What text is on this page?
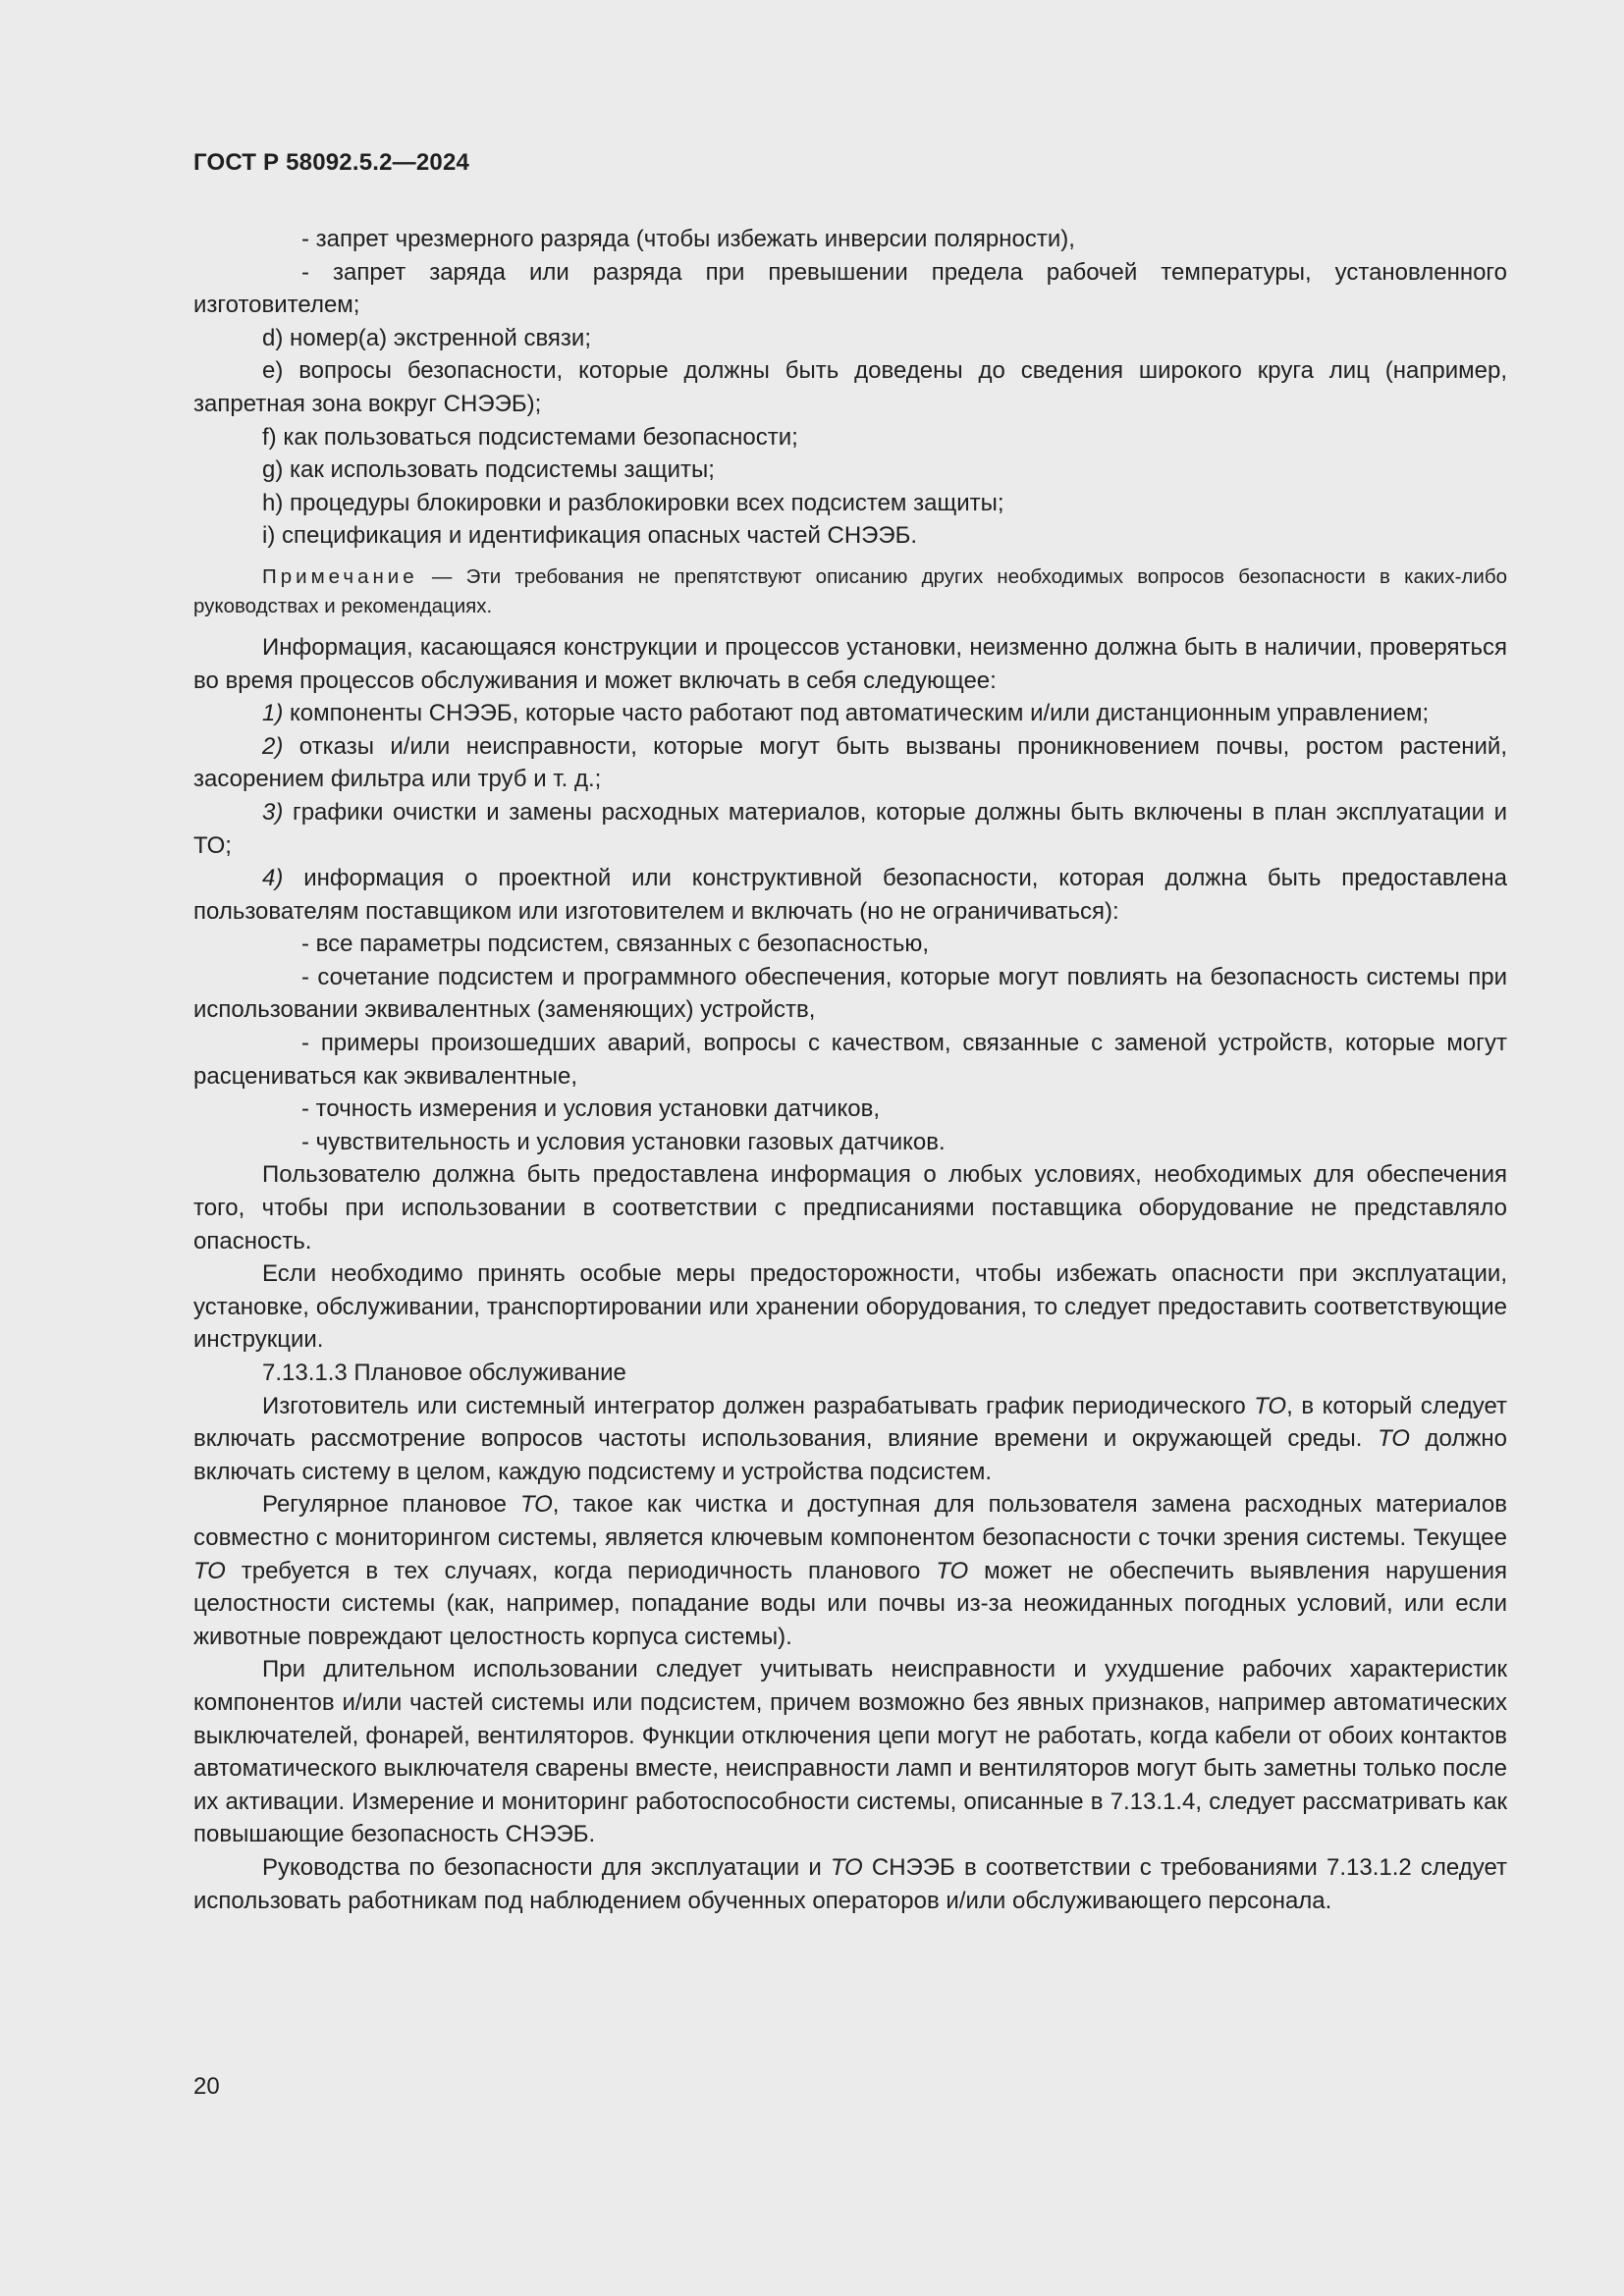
ГОСТ Р 58092.5.2—2024

- запрет чрезмерного разряда (чтобы избежать инверсии полярности),

- запрет заряда или разряда при превышении предела рабочей температуры, установленного изготовителем;

d) номер(а) экстренной связи;

e) вопросы безопасности, которые должны быть доведены до сведения широкого круга лиц (например, запретная зона вокруг СНЭЭБ);

f) как пользоваться подсистемами безопасности;

g) как использовать подсистемы защиты;

h) процедуры блокировки и разблокировки всех подсистем защиты;

i) спецификация и идентификация опасных частей СНЭЭБ.

Примечание — Эти требования не препятствуют описанию других необходимых вопросов безопасности в каких-либо руководствах и рекомендациях.

Информация, касающаяся конструкции и процессов установки, неизменно должна быть в наличии, проверяться во время процессов обслуживания и может включать в себя следующее:

1) компоненты СНЭЭБ, которые часто работают под автоматическим и/или дистанционным управлением;

2) отказы и/или неисправности, которые могут быть вызваны проникновением почвы, ростом растений, засорением фильтра или труб и т. д.;

3) графики очистки и замены расходных материалов, которые должны быть включены в план эксплуатации и ТО;

4) информация о проектной или конструктивной безопасности, которая должна быть предоставлена пользователям поставщиком или изготовителем и включать (но не ограничиваться):

- все параметры подсистем, связанных с безопасностью,

- сочетание подсистем и программного обеспечения, которые могут повлиять на безопасность системы при использовании эквивалентных (заменяющих) устройств,

- примеры произошедших аварий, вопросы с качеством, связанные с заменой устройств, которые могут расцениваться как эквивалентные,

- точность измерения и условия установки датчиков,

- чувствительность и условия установки газовых датчиков.

Пользователю должна быть предоставлена информация о любых условиях, необходимых для обеспечения того, чтобы при использовании в соответствии с предписаниями поставщика оборудование не представляло опасность.

Если необходимо принять особые меры предосторожности, чтобы избежать опасности при эксплуатации, установке, обслуживании, транспортировании или хранении оборудования, то следует предоставить соответствующие инструкции.

7.13.1.3 Плановое обслуживание

Изготовитель или системный интегратор должен разрабатывать график периодического ТО, в который следует включать рассмотрение вопросов частоты использования, влияние времени и окружающей среды. ТО должно включать систему в целом, каждую подсистему и устройства подсистем.

Регулярное плановое ТО, такое как чистка и доступная для пользователя замена расходных материалов совместно с мониторингом системы, является ключевым компонентом безопасности с точки зрения системы. Текущее ТО требуется в тех случаях, когда периодичность планового ТО может не обеспечить выявления нарушения целостности системы (как, например, попадание воды или почвы из-за неожиданных погодных условий, или если животные повреждают целостность корпуса системы).

При длительном использовании следует учитывать неисправности и ухудшение рабочих характеристик компонентов и/или частей системы или подсистем, причем возможно без явных признаков, например автоматических выключателей, фонарей, вентиляторов. Функции отключения цепи могут не работать, когда кабели от обоих контактов автоматического выключателя сварены вместе, неисправности ламп и вентиляторов могут быть заметны только после их активации. Измерение и мониторинг работоспособности системы, описанные в 7.13.1.4, следует рассматривать как повышающие безопасность СНЭЭБ.

Руководства по безопасности для эксплуатации и ТО СНЭЭБ в соответствии с требованиями 7.13.1.2 следует использовать работникам под наблюдением обученных операторов и/или обслуживающего персонала.

20
